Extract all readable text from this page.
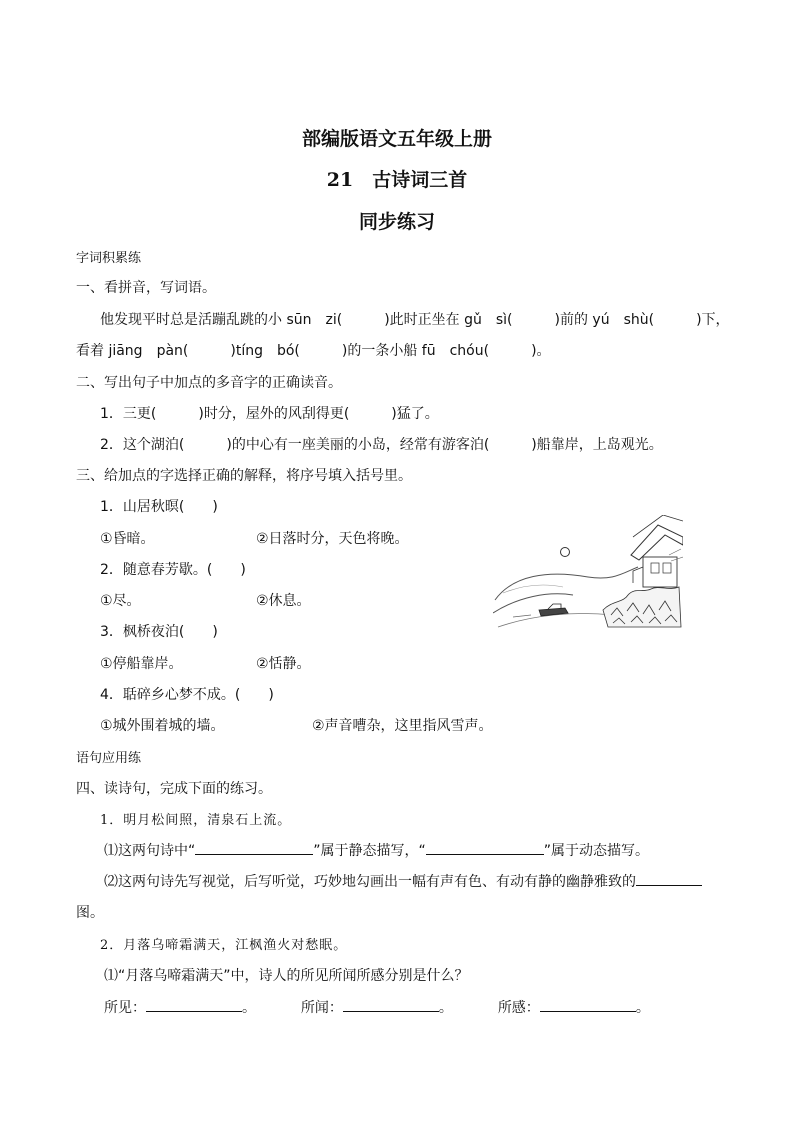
部编版语文五年级上册
21　古诗词三首
同步练习
字词积累练
一、看拼音，写词语。
他发现平时总是活蹦乱跳的小 sūn　zi(　　　)此时正坐在 gǔ　sì(　　　)前的 yú　shù(　　　)下，
看着 jiāng　pàn(　　　)tíng　bó(　　　)的一条小船 fū　chóu(　　　)。
二、写出句子中加点的多音字的正确读音。
1．三更(　　　)时分，屋外的风刮得更(　　　)猛了。
2．这个湖泊(　　　)的中心有一座美丽的小岛，经常有游客泊(　　　)船靠岸，上岛观光。
三、给加点的字选择正确的解释，将序号填入括号里。
1．山居秋暝(　　)
①昏暗。	②日落时分，天色将晚。
2．随意春芳歇。(　　)
①尽。	②休息。
3．枫桥夜泊(　　)
①停船靠岸。	②恬静。
4．聒碎乡心梦不成。(　　)
①城外围着城的墙。	②声音嘈杂，这里指风雪声。
语句应用练
四、读诗句，完成下面的练习。
1．明月松间照，清泉石上流。
⑴这两句诗中“	”属于静态描写，“	”属于动态描写。
⑵这两句诗先写视觉，后写听觉，巧妙地勾画出一幅有声有色、有动有静的幽静雅致的
图。
2．月落乌啼霜满天，江枫渔火对愁眠。
⑴“月落乌啼霜满天”中，诗人的所见所闻所感分别是什么？
所见：	。	所闻：	。	所感：	。
